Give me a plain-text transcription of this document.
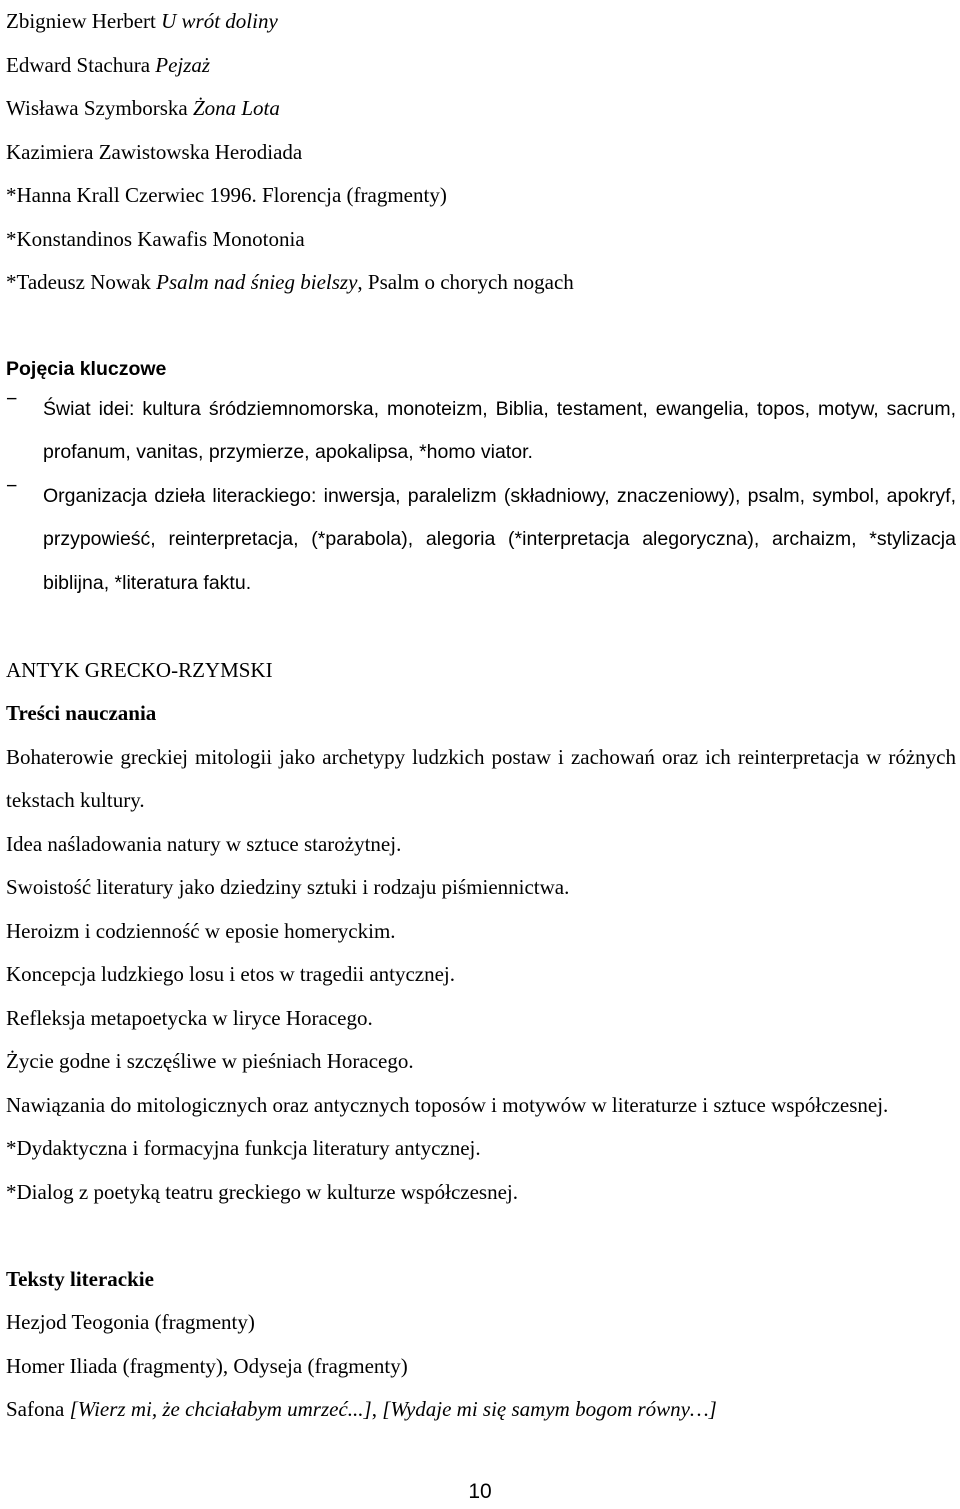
Zbigniew Herbert U wrót doliny
Edward Stachura Pejzaż
Wisława Szymborska Żona Lota
Kazimiera Zawistowska Herodiada
*Hanna Krall Czerwiec 1996. Florencja (fragmenty)
*Konstandinos Kawafis Monotonia
*Tadeusz Nowak Psalm nad śnieg bielszy, Psalm o chorych nogach
Pojęcia kluczowe
− Świat idei: kultura śródziemnomorska, monoteizm, Biblia, testament, ewangelia, topos, motyw, sacrum, profanum, vanitas, przymierze, apokalipsa, *homo viator.
− Organizacja dzieła literackiego: inwersja, paralelizm (składniowy, znaczeniowy), psalm, symbol, apokryf, przypowieść, reinterpretacja, (*parabola), alegoria (*interpretacja alegoryczna), archaizm, *stylizacja biblijna, *literatura faktu.
ANTYK GRECKO-RZYMSKI
Treści nauczania
Bohaterowie greckiej mitologii jako archetypy ludzkich postaw i zachowań oraz ich reinterpretacja w różnych tekstach kultury.
Idea naśladowania natury w sztuce starożytnej.
Swoistość literatury jako dziedziny sztuki i rodzaju piśmiennictwa.
Heroizm i codzienność w eposie homeryckim.
Koncepcja ludzkiego losu i etos w tragedii antycznej.
Refleksja metapoetycka w liryce Horacego.
Życie godne i szczęśliwe w pieśniach Horacego.
Nawiązania do mitologicznych oraz antycznych toposów i motywów w literaturze i sztuce współczesnej.
*Dydaktyczna i formacyjna funkcja literatury antycznej.
*Dialog z poetyką teatru greckiego w kulturze współczesnej.
Teksty literackie
Hezjod Teogonia (fragmenty)
Homer Iliada (fragmenty), Odyseja (fragmenty)
Safona [Wierz mi, że chciałabym umrzeć...], [Wydaje mi się samym bogom równy…]
10
